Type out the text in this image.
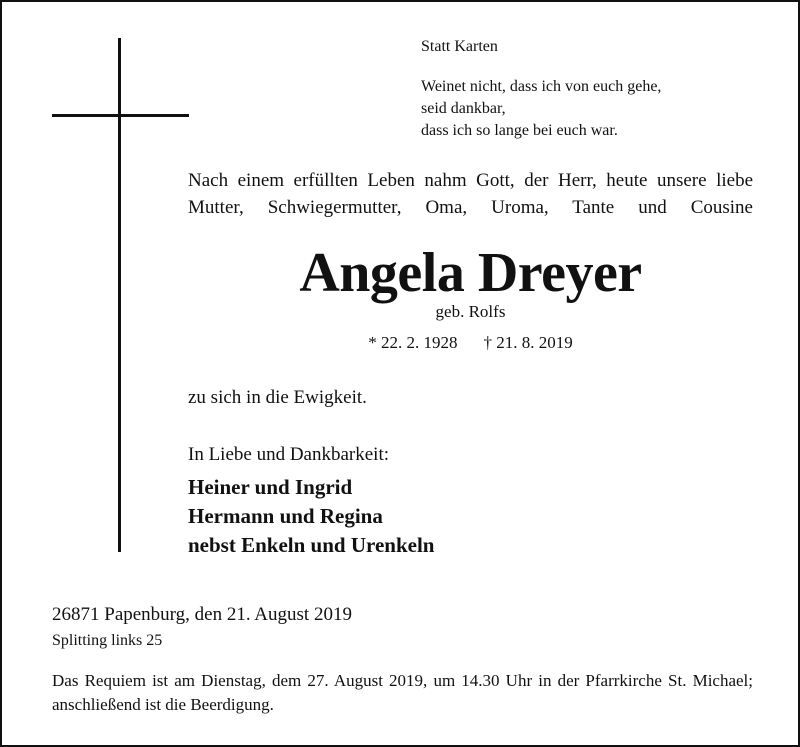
Statt Karten
Weinet nicht, dass ich von euch gehe,
seid dankbar,
dass ich so lange bei euch war.
Nach einem erfüllten Leben nahm Gott, der Herr, heute unsere liebe Mutter, Schwiegermutter, Oma, Uroma, Tante und Cousine
Angela Dreyer
geb. Rolfs
* 22. 2. 1928 † 21. 8. 2019
zu sich in die Ewigkeit.
In Liebe und Dankbarkeit:
Heiner und Ingrid
Hermann und Regina
nebst Enkeln und Urenkeln
26871 Papenburg, den 21. August 2019
Splitting links 25
Das Requiem ist am Dienstag, dem 27. August 2019, um 14.30 Uhr in der Pfarrkirche St. Michael; anschließend ist die Beerdigung.
